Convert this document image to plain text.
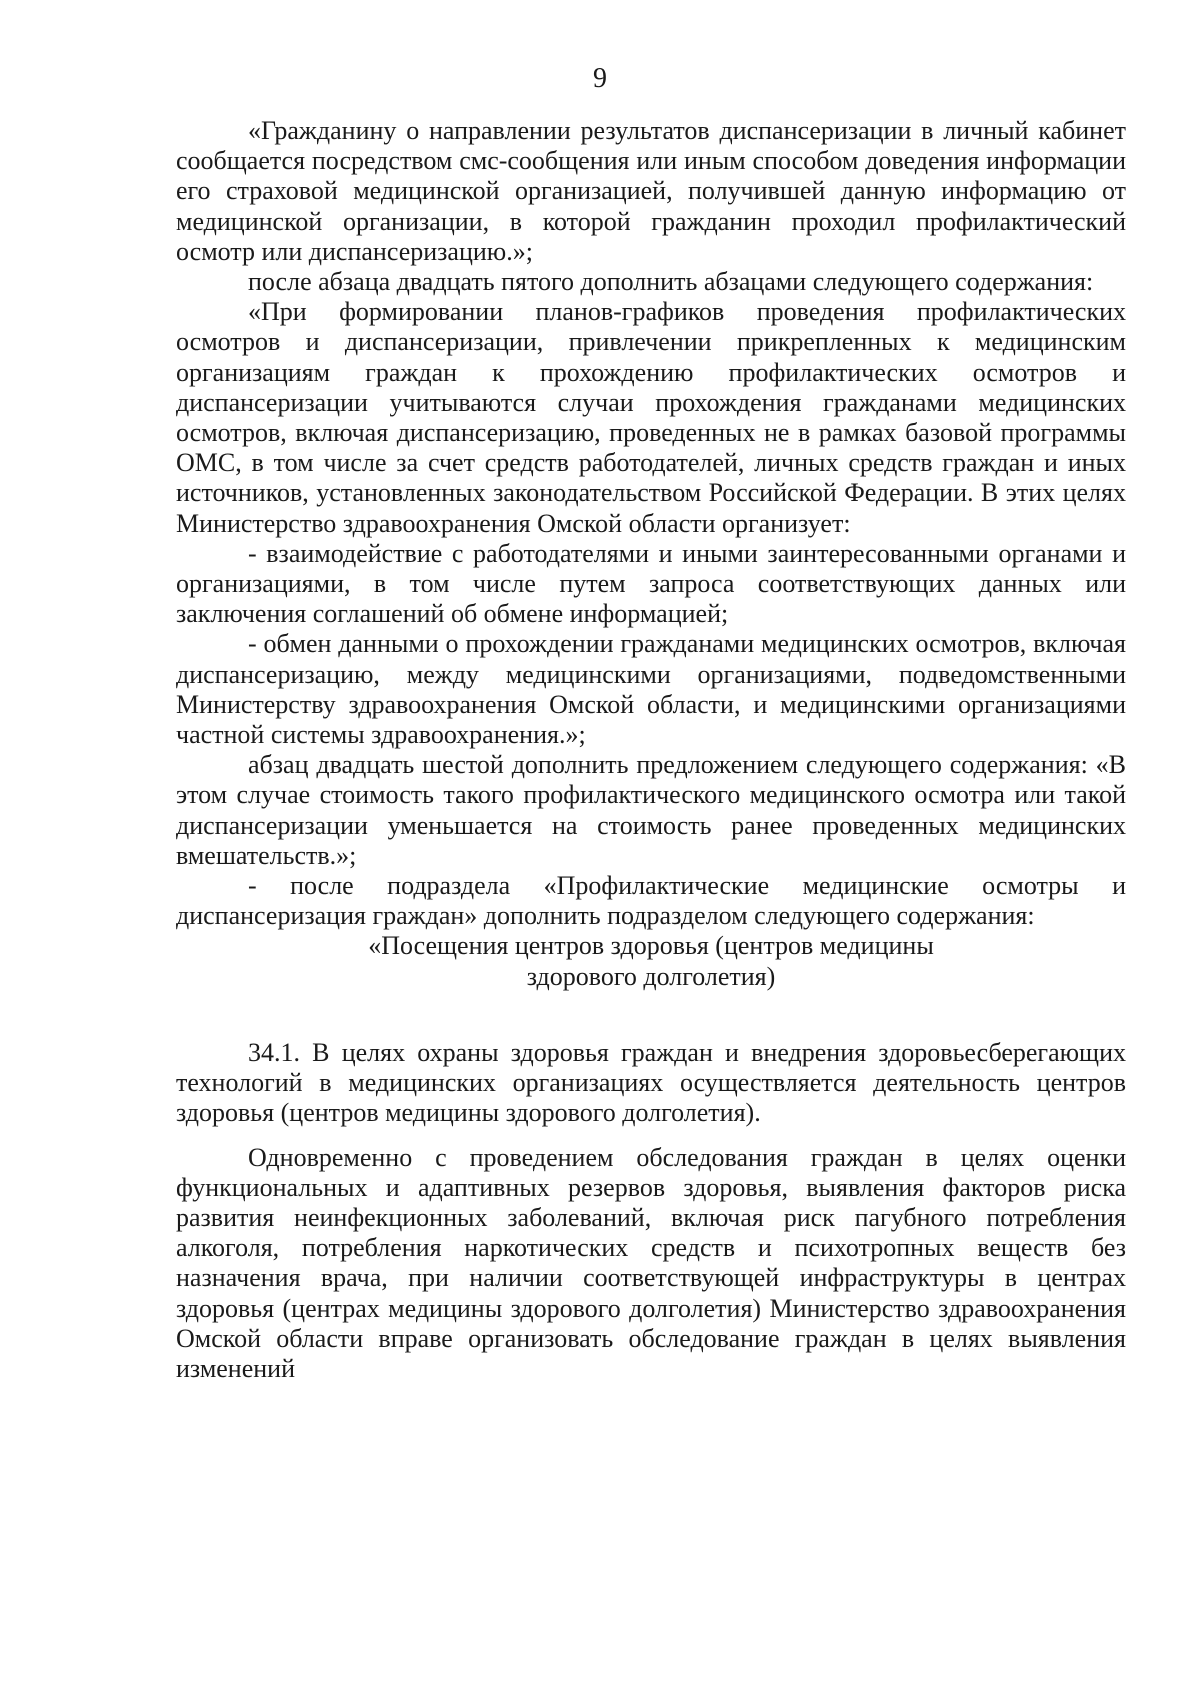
9

«Гражданину о направлении результатов диспансеризации в личный кабинет сообщается посредством смс-сообщения или иным способом доведения информации его страховой медицинской организацией, получившей данную информацию от медицинской организации, в которой гражданин проходил профилактический осмотр или диспансеризацию.»;

после абзаца двадцать пятого дополнить абзацами следующего содержания:

«При формировании планов-графиков проведения профилактических осмотров и диспансеризации, привлечении прикрепленных к медицинским организациям граждан к прохождению профилактических осмотров и диспансеризации учитываются случаи прохождения гражданами медицинских осмотров, включая диспансеризацию, проведенных не в рамках базовой программы ОМС, в том числе за счет средств работодателей, личных средств граждан и иных источников, установленных законодательством Российской Федерации. В этих целях Министерство здравоохранения Омской области организует:

- взаимодействие с работодателями и иными заинтересованными органами и организациями, в том числе путем запроса соответствующих данных или заключения соглашений об обмене информацией;

- обмен данными о прохождении гражданами медицинских осмотров, включая диспансеризацию, между медицинскими организациями, подведомственными Министерству здравоохранения Омской области, и медицинскими организациями частной системы здравоохранения.»;

абзац двадцать шестой дополнить предложением следующего содержания: «В этом случае стоимость такого профилактического медицинского осмотра или такой диспансеризации уменьшается на стоимость ранее проведенных медицинских вмешательств.»;

- после подраздела «Профилактические медицинские осмотры и диспансеризация граждан» дополнить подразделом следующего содержания:

«Посещения центров здоровья (центров медицины

здорового долголетия)

34.1. В целях охраны здоровья граждан и внедрения здоровьесберегающих технологий в медицинских организациях осуществляется деятельность центров здоровья (центров медицины здорового долголетия).

Одновременно с проведением обследования граждан в целях оценки функциональных и адаптивных резервов здоровья, выявления факторов риска развития неинфекционных заболеваний, включая риск пагубного потребления алкоголя, потребления наркотических средств и психотропных веществ без назначения врача, при наличии соответствующей инфраструктуры в центрах здоровья (центрах медицины здорового долголетия) Министерство здравоохранения Омской области вправе организовать обследование граждан в целях выявления изменений
